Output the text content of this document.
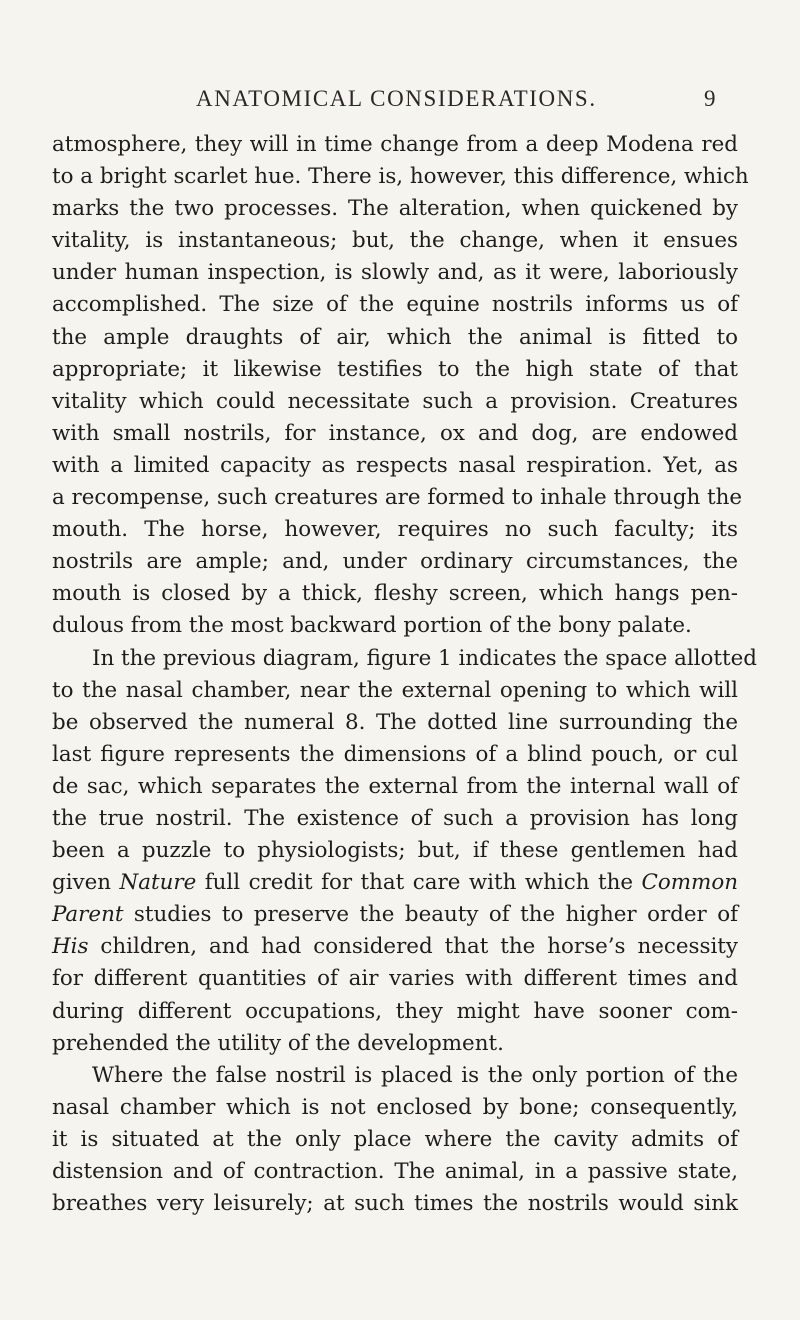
ANATOMICAL CONSIDERATIONS.	9
atmosphere, they will in time change from a deep Modena red
to a bright scarlet hue. There is, however, this difference, which
marks the two processes. The alteration, when quickened by
vitality, is instantaneous; but, the change, when it ensues
under human inspection, is slowly and, as it were, laboriously
accomplished. The size of the equine nostrils informs us of
the ample draughts of air, which the animal is fitted to
appropriate; it likewise testifies to the high state of that
vitality which could necessitate such a provision. Creatures
with small nostrils, for instance, ox and dog, are endowed
with a limited capacity as respects nasal respiration. Yet, as
a recompense, such creatures are formed to inhale through the
mouth. The horse, however, requires no such faculty; its
nostrils are ample; and, under ordinary circumstances, the
mouth is closed by a thick, fleshy screen, which hangs pen-
dulous from the most backward portion of the bony palate.
In the previous diagram, figure 1 indicates the space allotted
to the nasal chamber, near the external opening to which will
be observed the numeral 8. The dotted line surrounding the
last figure represents the dimensions of a blind pouch, or cul
de sac, which separates the external from the internal wall of
the true nostril. The existence of such a provision has long
been a puzzle to physiologists; but, if these gentlemen had
given Nature full credit for that care with which the Common
Parent studies to preserve the beauty of the higher order of
His children, and had considered that the horse’s necessity
for different quantities of air varies with different times and
during different occupations, they might have sooner com-
prehended the utility of the development.
Where the false nostril is placed is the only portion of the
nasal chamber which is not enclosed by bone; consequently,
it is situated at the only place where the cavity admits of
distension and of contraction. The animal, in a passive state,
breathes very leisurely; at such times the nostrils would sink
